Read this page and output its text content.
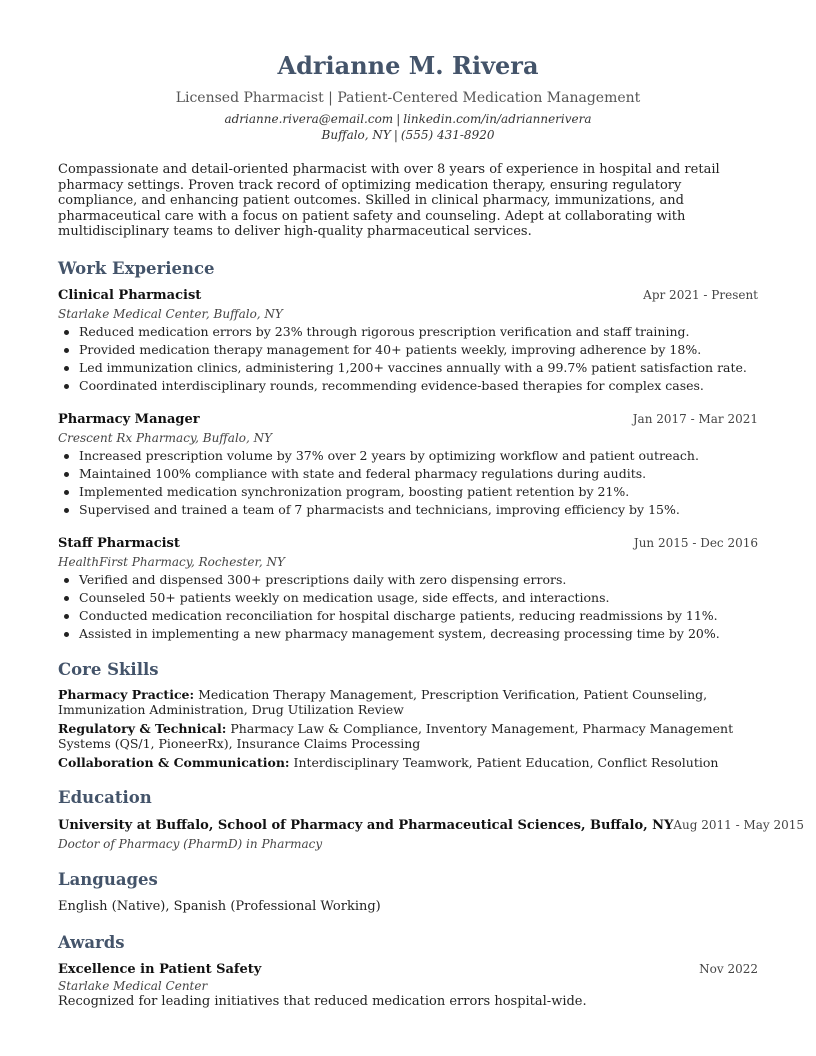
Adrianne M. Rivera
Licensed Pharmacist | Patient-Centered Medication Management
adrianne.rivera@email.com | linkedin.com/in/adriannerivera
Buffalo, NY | (555) 431-8920
Compassionate and detail-oriented pharmacist with over 8 years of experience in hospital and retail pharmacy settings. Proven track record of optimizing medication therapy, ensuring regulatory compliance, and enhancing patient outcomes. Skilled in clinical pharmacy, immunizations, and pharmaceutical care with a focus on patient safety and counseling. Adept at collaborating with multidisciplinary teams to deliver high-quality pharmaceutical services.
Work Experience
Clinical Pharmacist	Apr 2021 - Present
Starlake Medical Center, Buffalo, NY
Reduced medication errors by 23% through rigorous prescription verification and staff training.
Provided medication therapy management for 40+ patients weekly, improving adherence by 18%.
Led immunization clinics, administering 1,200+ vaccines annually with a 99.7% patient satisfaction rate.
Coordinated interdisciplinary rounds, recommending evidence-based therapies for complex cases.
Pharmacy Manager	Jan 2017 - Mar 2021
Crescent Rx Pharmacy, Buffalo, NY
Increased prescription volume by 37% over 2 years by optimizing workflow and patient outreach.
Maintained 100% compliance with state and federal pharmacy regulations during audits.
Implemented medication synchronization program, boosting patient retention by 21%.
Supervised and trained a team of 7 pharmacists and technicians, improving efficiency by 15%.
Staff Pharmacist	Jun 2015 - Dec 2016
HealthFirst Pharmacy, Rochester, NY
Verified and dispensed 300+ prescriptions daily with zero dispensing errors.
Counseled 50+ patients weekly on medication usage, side effects, and interactions.
Conducted medication reconciliation for hospital discharge patients, reducing readmissions by 11%.
Assisted in implementing a new pharmacy management system, decreasing processing time by 20%.
Core Skills
Pharmacy Practice: Medication Therapy Management, Prescription Verification, Patient Counseling, Immunization Administration, Drug Utilization Review
Regulatory & Technical: Pharmacy Law & Compliance, Inventory Management, Pharmacy Management Systems (QS/1, PioneerRx), Insurance Claims Processing
Collaboration & Communication: Interdisciplinary Teamwork, Patient Education, Conflict Resolution
Education
University at Buffalo, School of Pharmacy and Pharmaceutical Sciences, Buffalo, NY Aug 2011 - May 2015
Doctor of Pharmacy (PharmD) in Pharmacy
Languages
English (Native), Spanish (Professional Working)
Awards
Excellence in Patient Safety	Nov 2022
Starlake Medical Center
Recognized for leading initiatives that reduced medication errors hospital-wide.
